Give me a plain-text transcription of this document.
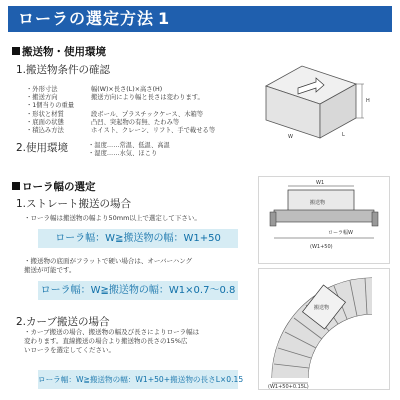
ローラの選定方法 1
搬送物・使用環境
1.搬送物条件の確認
・外形寸法	幅(W)×長さ(L)×高さ(H)
・搬送方向	搬送方向により幅と長さは変わります。
・1個当りの重量
・形状と材質	段ボール、プラスチックケース、木箱等
・底面の状態	凸凹、突起物の有無、たわみ等
・積込み方法	ホイスト、クレーン、リフト、手で載せる等
2.使用環境	・温度……常温、低温、高温
・湿度……水気、ほこり
H
W	L
ローラ幅の選定
1.ストレート搬送の場合
・ローラ幅は搬送物の幅より50mm以上で選定して下さい。
ローラ幅：W≧搬送物の幅：W1+50
・搬送物の底面がフラットで硬い場合は、オーバーハング
搬送が可能です。
ローラ幅：W≧搬送物の幅：W1×0.7〜0.8
2.カーブ搬送の場合
・カーブ搬送の場合、搬送物の幅及び長さによりローラ幅は
変わります。直線搬送の場合より搬送物の長さの15%広
いローラを選定してください。
ローラ幅：W≧搬送物の幅：W1+50+搬送物の長さL×0.15
W1
搬送物
ローラ幅W
(W1+50)
搬送物
(W1+50+0.15L)
